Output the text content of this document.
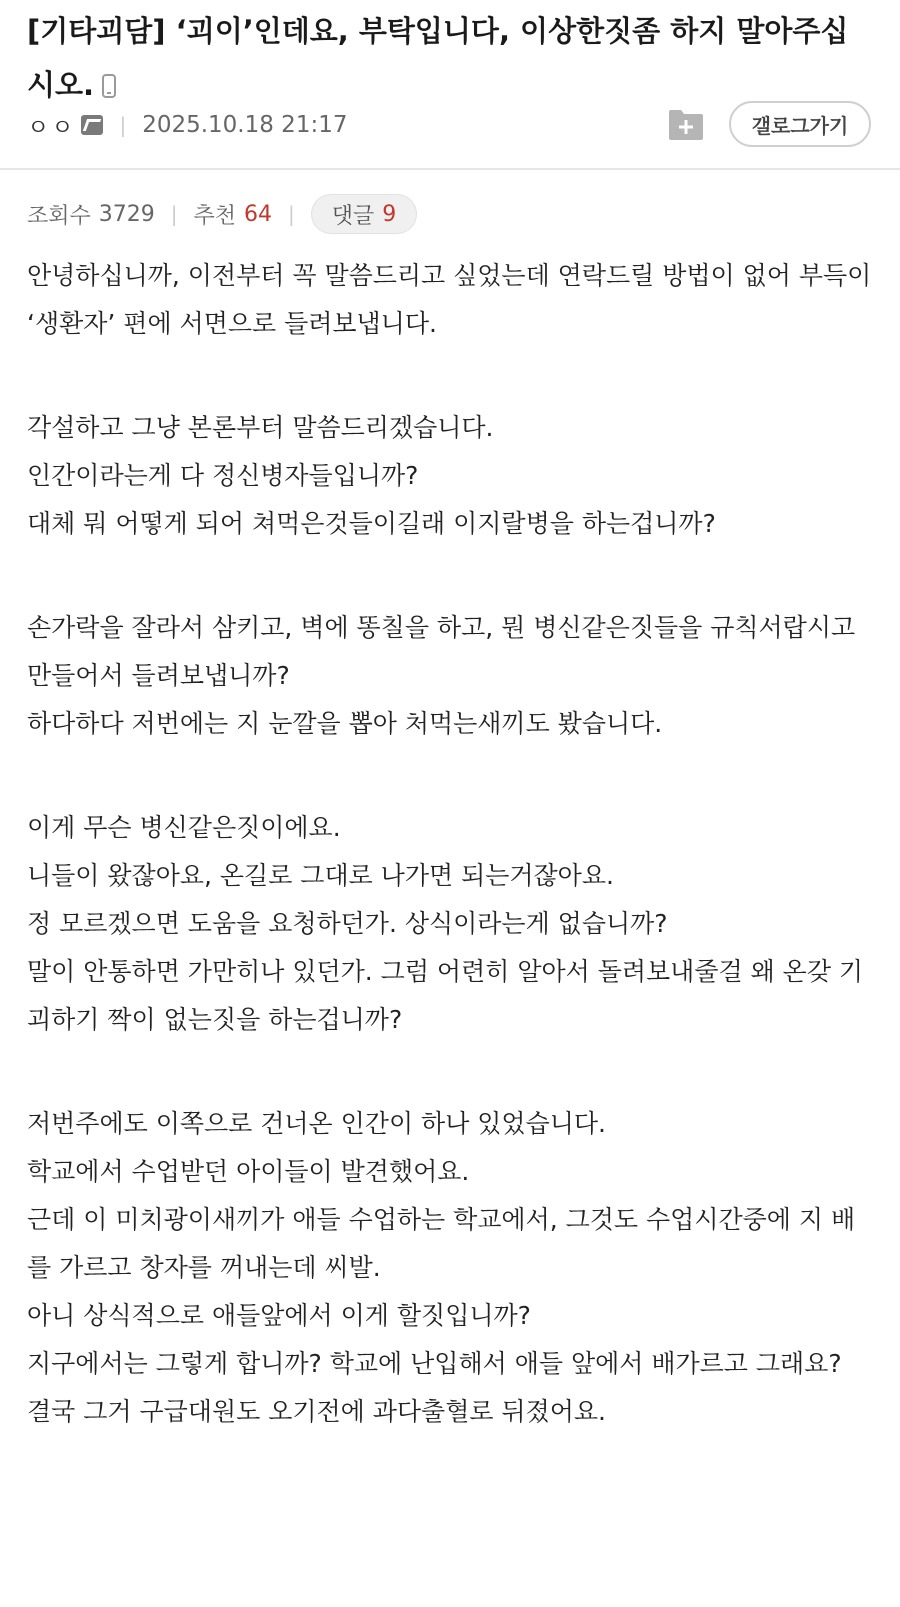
[기타괴담] ‘괴이’인데요, 부탁입니다, 이상한짓좀 하지 말아주십시오.
ㅇㅇ | 2025.10.18 21:17	갤로그가기
조회수 3729 | 추천 64 | 댓글 9

안녕하십니까, 이전부터 꼭 말씀드리고 싶었는데 연락드릴 방법이 없어 부득이 ‘생환자’ 편에 서면으로 들려보냅니다.

각설하고 그냥 본론부터 말씀드리겠습니다.

인간이라는게 다 정신병자들입니까?

대체 뭐 어떻게 되어 쳐먹은것들이길래 이지랄병을 하는겁니까?

손가락을 잘라서 삼키고, 벽에 똥칠을 하고, 뭔 병신같은짓들을 규칙서랍시고 만들어서 들려보냅니까?

하다하다 저번에는 지 눈깔을 뽑아 처먹는새끼도 봤습니다.

이게 무슨 병신같은짓이에요.

니들이 왔잖아요, 온길로 그대로 나가면 되는거잖아요.

정 모르겠으면 도움을 요청하던가. 상식이라는게 없습니까?

말이 안통하면 가만히나 있던가. 그럼 어련히 알아서 돌려보내줄걸 왜 온갖 기괴하기 짝이 없는짓을 하는겁니까?

저번주에도 이쪽으로 건너온 인간이 하나 있었습니다.

학교에서 수업받던 아이들이 발견했어요.

근데 이 미치광이새끼가 애들 수업하는 학교에서, 그것도 수업시간중에 지 배를 가르고 창자를 꺼내는데 씨발.

아니 상식적으로 애들앞에서 이게 할짓입니까?

지구에서는 그렇게 합니까? 학교에 난입해서 애들 앞에서 배가르고 그래요?

결국 그거 구급대원도 오기전에 과다출혈로 뒤졌어요.
